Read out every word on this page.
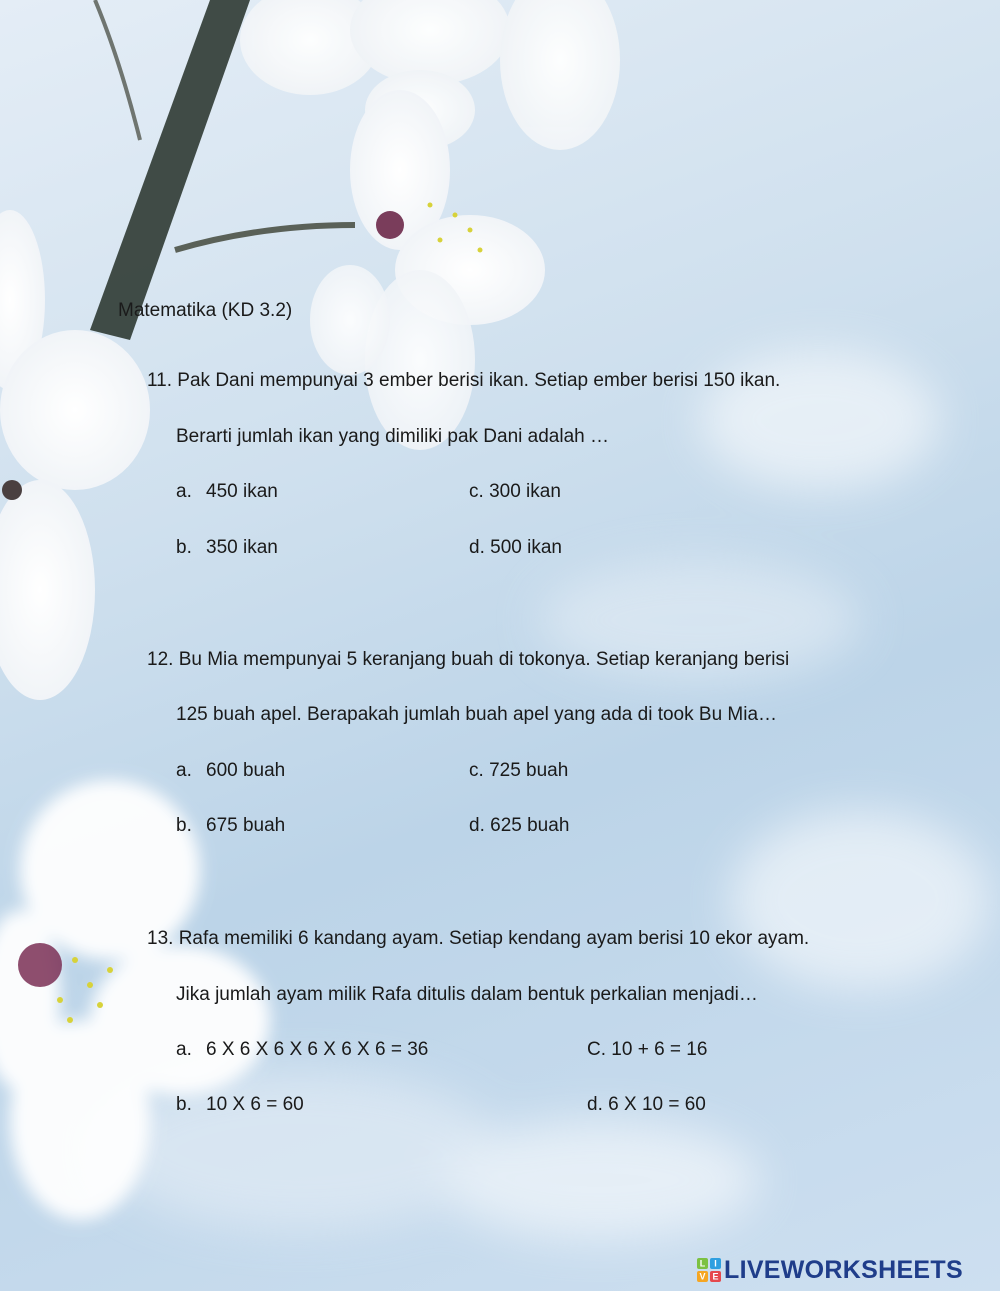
Matematika (KD 3.2)
11. Pak Dani mempunyai 3 ember berisi ikan. Setiap ember berisi 150 ikan.
Berarti jumlah ikan yang dimiliki pak Dani adalah …
a. 450 ikan	c. 300 ikan
b. 350 ikan	d. 500 ikan
12. Bu Mia mempunyai 5 keranjang buah di tokonya. Setiap keranjang berisi
125 buah apel. Berapakah jumlah buah apel yang ada di took Bu Mia…
a. 600 buah	c. 725 buah
b. 675 buah	d. 625 buah
13. Rafa memiliki 6 kandang ayam. Setiap kendang ayam berisi 10 ekor ayam.
Jika jumlah ayam milik Rafa ditulis dalam bentuk perkalian menjadi…
a. 6 X 6 X 6 X 6 X 6 X 6 = 36	C. 10 + 6 = 16
b. 10 X 6 = 60	d. 6 X 10 = 60
L I
V E LIVEWORKSHEETS
